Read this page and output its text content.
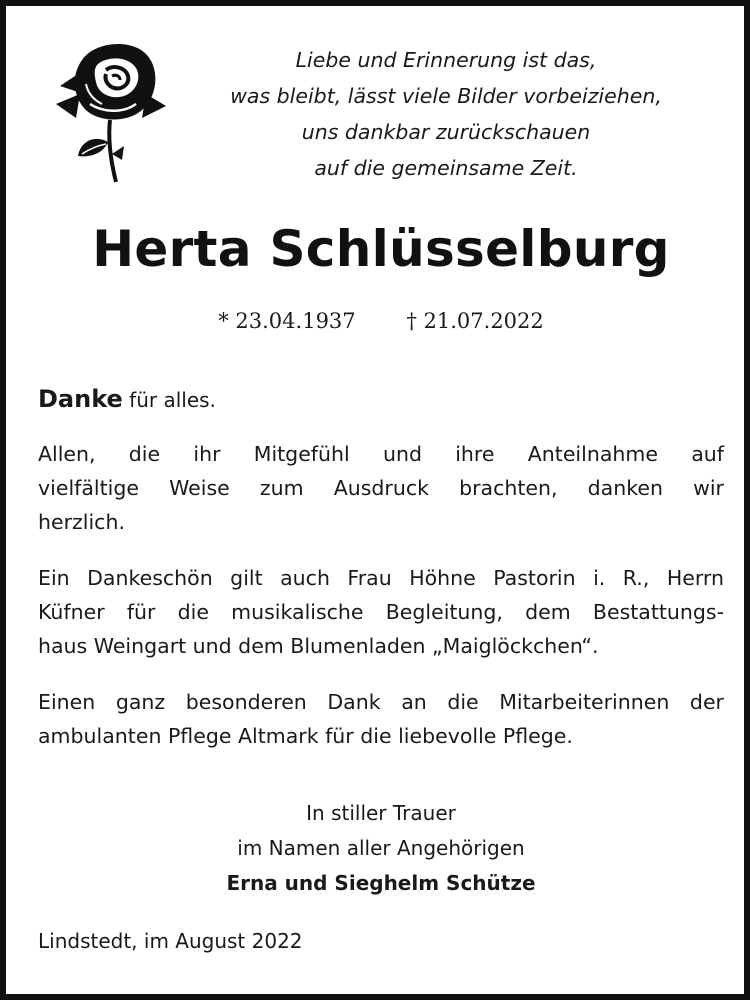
Liebe und Erinnerung ist das,
was bleibt, lässt viele Bilder vorbeiziehen,
uns dankbar zurückschauen
auf die gemeinsame Zeit.
Herta Schlüsselburg
* 23.04.1937 † 21.07.2022
Danke für alles.
Allen, die ihr Mitgefühl und ihre Anteilnahme auf
vielfältige Weise zum Ausdruck brachten, danken wir
herzlich.
Ein Dankeschön gilt auch Frau Höhne Pastorin i. R., Herrn
Küfner für die musikalische Begleitung, dem Bestattungs-
haus Weingart und dem Blumenladen „Maiglöckchen“.
Einen ganz besonderen Dank an die Mitarbeiterinnen der
ambulanten Pflege Altmark für die liebevolle Pflege.
In stiller Trauer
im Namen aller Angehörigen
Erna und Sieghelm Schütze
Lindstedt, im August 2022
